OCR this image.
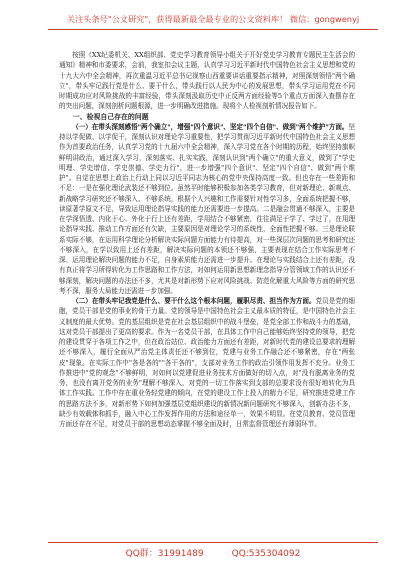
关注头条号"公文研究"，获得最新最全最专业的公文资料库！ 微信：gongwenyj

按照《XX纪委机关、XX组织部、党史学习教育领导小组关于开好党史学习教育专题民主生活会的通知》精神和市委要求，会前，我室扣会议主题，认真学习习近平新时代中国特色社会主义思想和党的十九大六中全会精神，再次重温习近平总书记视察山西重要讲话重要指示精神，对照深刻领悟"两个确立"，带头牢记践行党是什么、要干什么，带头践行以人民为中心的发展思想，带头学习运用党在不同时期成功应对风险挑战的丰富经验，带头深刻汲取历史中正反两方面经验等5个重点方面深入查摆存在的突出问题，深刻剖析问题根源，进一步明确改进措施。现将个人检视剖析情况报告如下。

一、检视自己存在的问题

（一）在带头深刻感悟"两个确立"，增强"四个意识"、坚定"四个自信"、做到"两个维护"方面。坚持以学促做、以学促干，深刻认识对理论学习重要性，把学习贯彻习近平新时代中国特色社会主义思想作为首要政治任务，认真学习党的十九届六中全会精神，深入学习党在各个时期的历程，始终坚持旗帜鲜明讲政治，通过深入学习，深刻落实、扎实实践，深刻认识到"两个确立"的重大意义，做到了"学史明理、学史增信、学史崇德、学史力行"，进一步增强"四个意识"、坚定"四个自信"、做到"两个维护"。自觉在思想上政治上行动上同以习近平同志为核心的党中央保持高度一致。但也存在一些差距和不足：一是在强化理论武装还不够到位。虽然平时能够积极参加各类学习教育，但对新理论、新观点、新战略学习研究还不够深入、不够系统，根据个人兴趣和工作需要针对性学习多，全面系统把握不够，读原著学原文不足，导致运用理论指导实践的能力还需要进一步提高。二是融会贯通不够深入，主要是在学深悟透、内化于心、外化于行上还有差距，学用结合不够紧密，往往满足于学了、学过了，在用理论指导实践、推动工作方面还有欠缺，主要原因是对理论学习的系统性、全面性把握不够。三是理论联系实际不够，在运用科学理论分析解决实际问题方面能力有待提高，对一些深层次问题的思考和研究还不够深入，在学以致用上还有差距，解决实际问题的本领还不够强，主要表现在结合工作实际思考不深、运用理论解决问题的能力不足，自身素质能力还需进一步提升。在理论与实践结合上还有差距，没有真正将学习所得转化为工作思路和工作方法，对如何运用新思想新理念指导分管领域工作的认识还不够深刻，解决问题的办法还不多，尤其是对新形势下应对风险挑战、防范化解重大风险等方面的研究思考不深，服务大局能力还需进一步加强。

（二）在带头牢记我党是什么、要干什么这个根本问题，履职尽责、担当作为方面。党员是党的细胞，党员干部是党的事业的骨干力量。党的领导是中国特色社会主义最本质的特征，是中国特色社会主义制度的最大优势。党的基层组织是党在社会基层组织中的战斗堡垒，是党全部工作和战斗力的基础，这对党员干部提出了更高的要求。作为一名党员干部，在具体工作中自己能够始终坚持党的领导，把党的建设贯穿于各项工作之中，但在政治站位、政治能力方面还有差距，对新时代党的建设总要求的理解还不够深入，履行全面从严治党主体责任还不够到位，党建与业务工作融合还不够紧密，存在"两张皮"现象。在实际工作中"各是各的""各干各的"，支部对业务工作的政治引领作用发挥不充分。业务工作推进中"党的观念"不够鲜明，对如何以党建促进业务技术方面做好的切入点，对"没有脱离业务的党务，也没有离开党务的业务"理解不够深入，对党的一切工作落实到支部的总要求没有很好地转化为具体工作实践。工作中存在重业务轻党建的倾向，在党的建设工作上投入的精力不足，研究推进党建工作的思路方法不多，对新形势下如何加强基层党组织建设的新情况新问题研究不够深入，创新办法不多，缺少有效载体和抓手，融入中心工作发挥作用的方法和途径单一，效果不明显。在党员教育、党员管理方面还存在不足，对党员干部的思想动态掌握不够全面及时，日常监督管理还有薄弱环节。

QQ群：31991489	QQ:535304092
